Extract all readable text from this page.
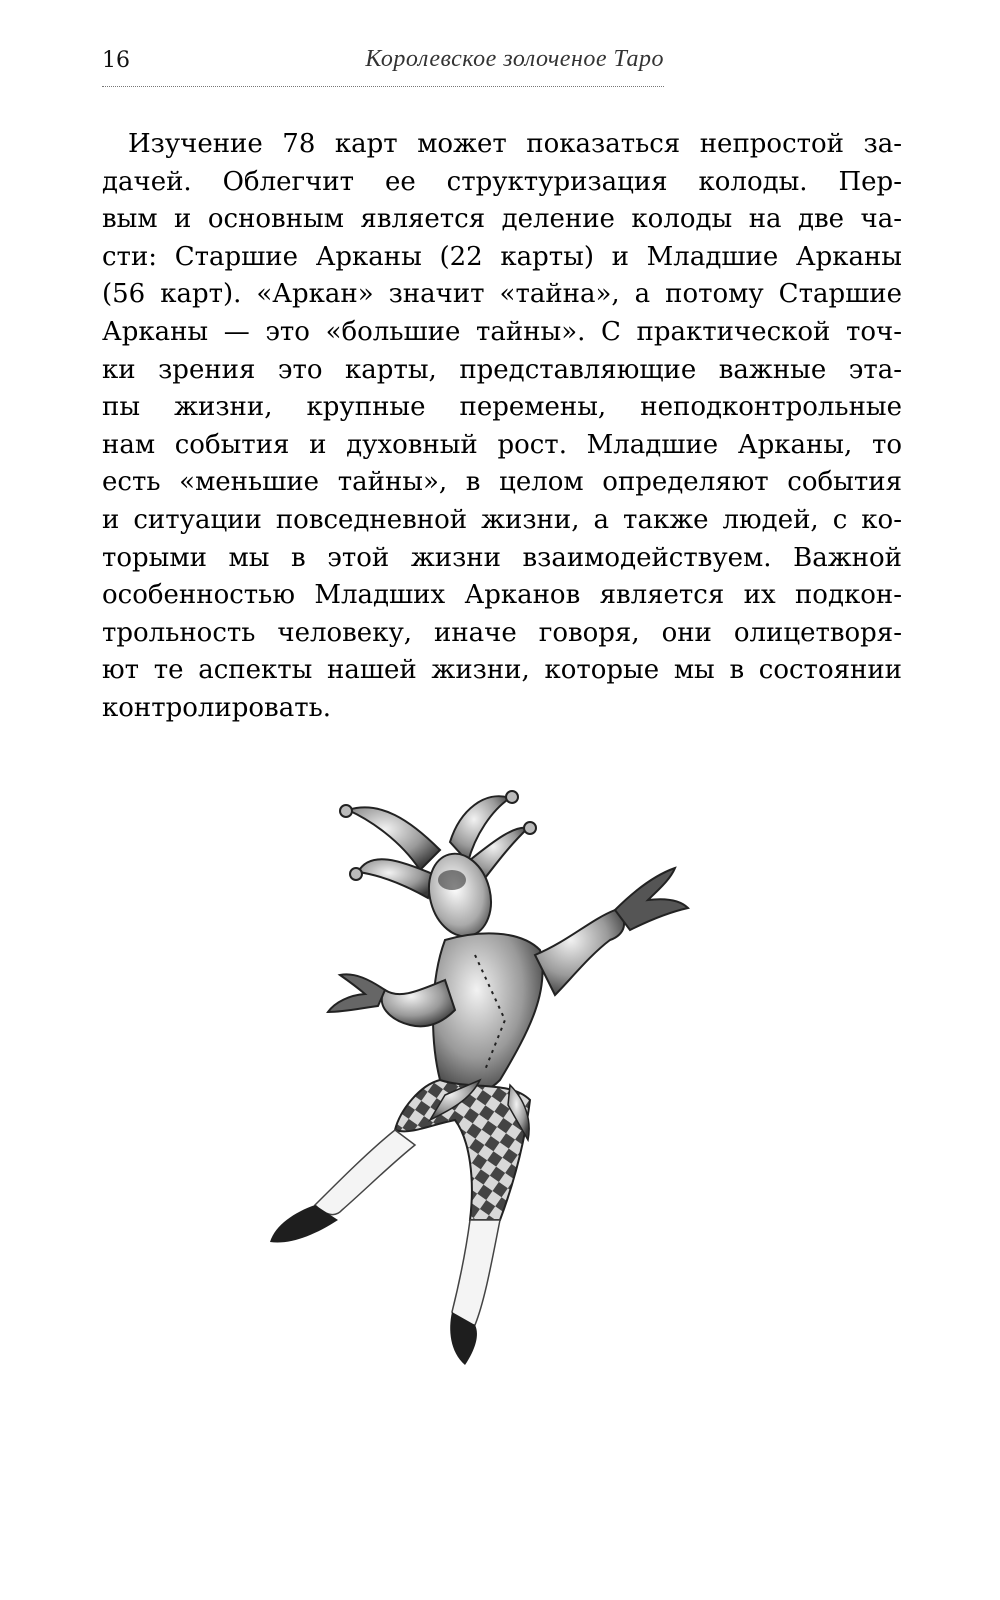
16	Королевское золоченое Таро
Изучение 78 карт может показаться непростой за-
дачей. Облегчит ее структуризация колоды. Пер-
вым и основным является деление колоды на две ча-
сти: Старшие Арканы (22 карты) и Младшие Арканы
(56 карт). «Аркан» значит «тайна», а потому Старшие
Арканы — это «большие тайны». С практической точ-
ки зрения это карты, представляющие важные эта-
пы жизни, крупные перемены, неподконтрольные
нам события и духовный рост. Младшие Арканы, то
есть «меньшие тайны», в целом определяют события
и ситуации повседневной жизни, а также людей, с ко-
торыми мы в этой жизни взаимодействуем. Важной
особенностью Младших Арканов является их подкон-
трольность человеку, иначе говоря, они олицетворя-
ют те аспекты нашей жизни, которые мы в состоянии
контролировать.
